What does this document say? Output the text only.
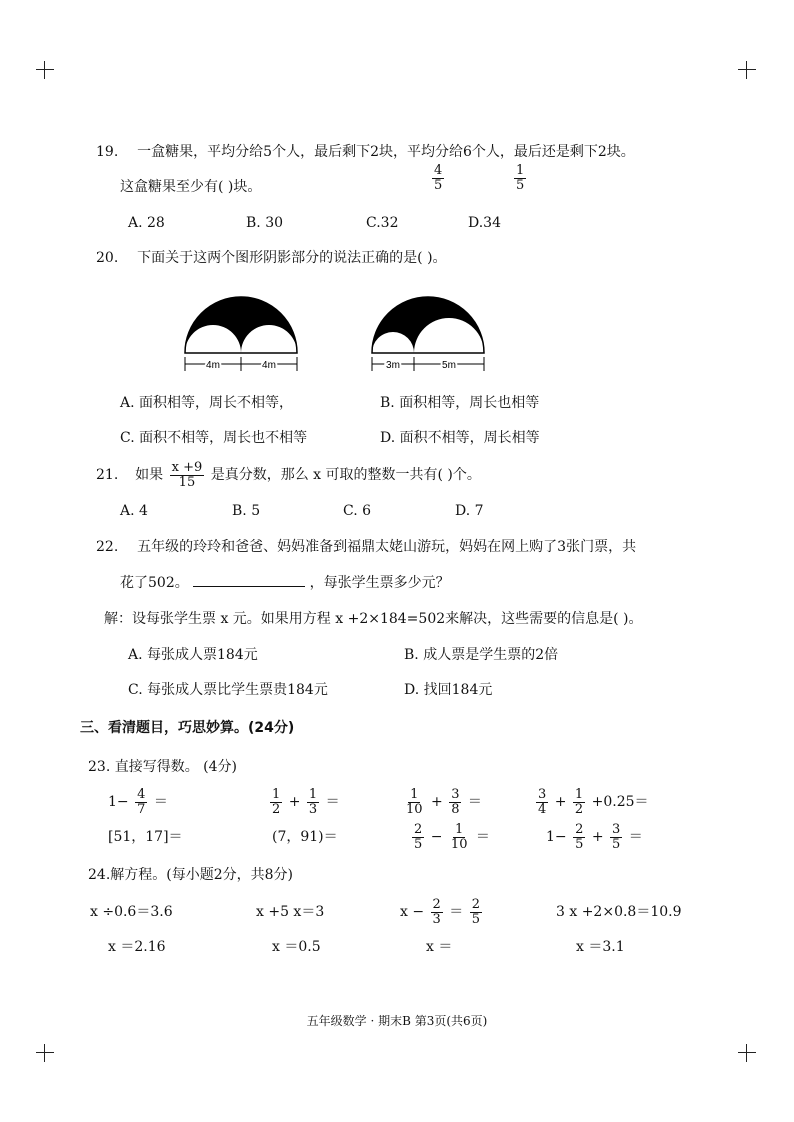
19. 一盒糖果，平均分给5个人，最后剩下2块，平均分给6个人，最后还是剩下2块。
这盒糖果至少有( )块。	$\frac{4}{5}$	$\frac{1}{5}$
A. 28	B. 30	C.32	D.34
20. 下面关于这两个图形阴影部分的说法正确的是( )。
4m	4m	3m	5m
A. 面积相等，周长不相等，	B. 面积相等，周长也相等
C. 面积不相等，周长也不相等	D. 面积不相等，周长相等
21. 如果 $\frac{x +9}{15}$ 是真分数，那么 x 可取的整数一共有( )个。
A. 4	B. 5	C. 6	D. 7
22. 五年级的玲玲和爸爸、妈妈准备到福鼎太姥山游玩，妈妈在网上购了3张门票，共
花了502。	，每张学生票多少元？
解：设每张学生票 x 元。如果用方程 x +2×184=502来解决，这些需要的信息是( )。
A. 每张成人票184元	B. 成人票是学生票的2倍
C. 每张成人票比学生票贵184元	D. 找回184元
三、看清题目，巧思妙算。(24分)
23. 直接写得数。 (4分)
$1- \frac{4}{7}$ ＝	$\frac{1}{2} + \frac{1}{3}$ ＝	$\frac{1}{10} + \frac{3}{8}$ ＝	$\frac{3}{4} + \frac{1}{2} +0.25=$
[51，17]＝	(7，91)＝	$\frac{2}{5} - \frac{1}{10}$ ＝	$1- \frac{2}{5} + \frac{3}{5}$ ＝
24.解方程。(每小题2分，共8分)
x ÷0.6＝3.6	x +5 x＝3	$x - \frac{2}{3} = \frac{2}{5}$	3 x +2×0.8＝10.9
x ＝2.16	x ＝0.5	x ＝	x ＝3.1
五年级数学 · 期末B 第3页(共6页)
